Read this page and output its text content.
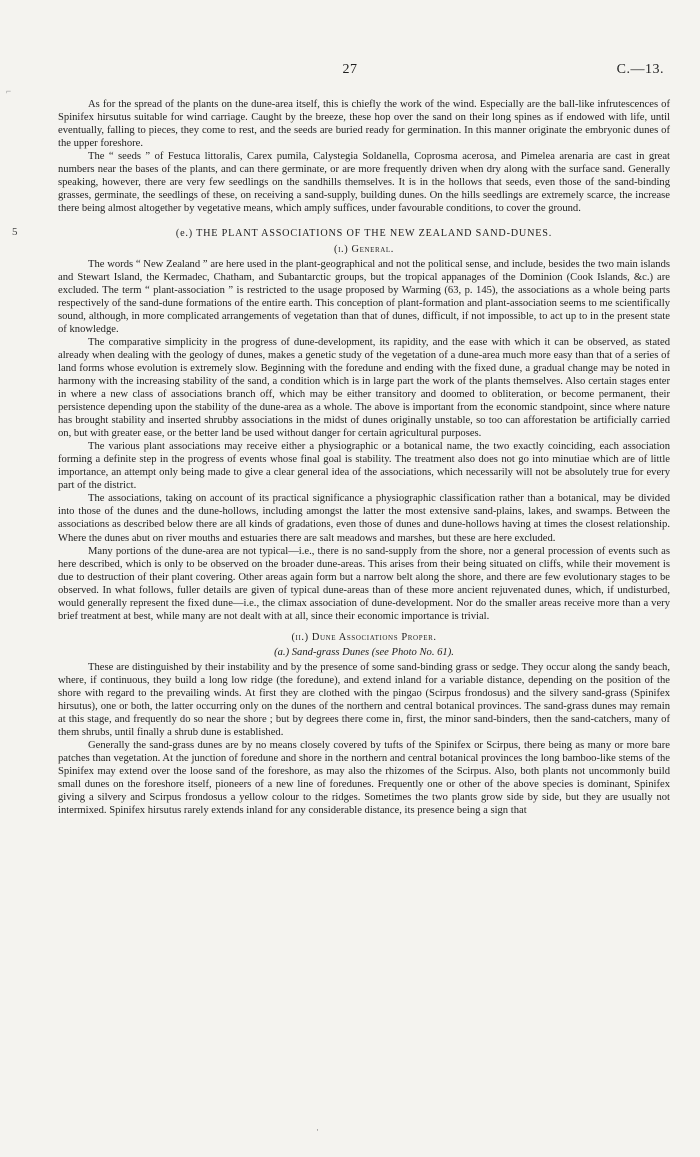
27	C.—13.
⌐
5

As for the spread of the plants on the dune-area itself, this is chiefly the work of the wind. Especially are the ball-like infrutescences of Spinifex hirsutus suitable for wind carriage. Caught by the breeze, these hop over the sand on their long spines as if endowed with life, until eventually, falling to pieces, they come to rest, and the seeds are buried ready for germination. In this manner originate the embryonic dunes of the upper foreshore.

The “ seeds ” of Festuca littoralis, Carex pumila, Calystegia Soldanella, Coprosma acerosa, and Pimelea arenaria are cast in great numbers near the bases of the plants, and can there germinate, or are more frequently driven when dry along with the surface sand. Generally speaking, however, there are very few seedlings on the sandhills themselves. It is in the hollows that seeds, even those of the sand-binding grasses, germinate, the seedlings of these, on receiving a sand-supply, building dunes. On the hills seedlings are extremely scarce, the increase there being almost altogether by vegetative means, which amply suffices, under favourable conditions, to cover the ground.

(e.) THE PLANT ASSOCIATIONS OF THE NEW ZEALAND SAND-DUNES.
(i.) General.

The words “ New Zealand ” are here used in the plant-geographical and not the political sense, and include, besides the two main islands and Stewart Island, the Kermadec, Chatham, and Subantarctic groups, but the tropical appanages of the Dominion (Cook Islands, &c.) are excluded. The term “ plant-association ” is restricted to the usage proposed by Warming (63, p. 145), the associations as a whole being parts respectively of the sand-dune formations of the entire earth. This conception of plant-formation and plant-association seems to me scientifically sound, although, in more complicated arrangements of vegetation than that of dunes, difficult, if not impossible, to act up to in the present state of knowledge.

The comparative simplicity in the progress of dune-development, its rapidity, and the ease with which it can be observed, as stated already when dealing with the geology of dunes, makes a genetic study of the vegetation of a dune-area much more easy than that of a series of land forms whose evolution is extremely slow. Beginning with the foredune and ending with the fixed dune, a gradual change may be noted in harmony with the increasing stability of the sand, a condition which is in large part the work of the plants themselves. Also certain stages enter in where a new class of associations branch off, which may be either transitory and doomed to obliteration, or become permanent, their persistence depending upon the stability of the dune-area as a whole. The above is important from the economic standpoint, since where nature has brought stability and inserted shrubby associations in the midst of dunes originally unstable, so too can afforestation be artificially carried on, but with greater ease, or the better land be used without danger for certain agricultural purposes.

The various plant associations may receive either a physiographic or a botanical name, the two exactly coinciding, each association forming a definite step in the progress of events whose final goal is stability. The treatment also does not go into minutiae which are of little importance, an attempt only being made to give a clear general idea of the associations, which necessarily will not be absolutely true for every part of the district.

The associations, taking on account of its practical significance a physiographic classification rather than a botanical, may be divided into those of the dunes and the dune-hollows, including amongst the latter the most extensive sand-plains, lakes, and swamps. Between the associations as described below there are all kinds of gradations, even those of dunes and dune-hollows having at times the closest relationship. Where the dunes abut on river mouths and estuaries there are salt meadows and marshes, but these are here excluded.

Many portions of the dune-area are not typical—i.e., there is no sand-supply from the shore, nor a general procession of events such as here described, which is only to be observed on the broader dune-areas. This arises from their being situated on cliffs, while their movement is due to destruction of their plant covering. Other areas again form but a narrow belt along the shore, and there are few evolutionary stages to be observed. In what follows, fuller details are given of typical dune-areas than of these more ancient rejuvenated dunes, which, if undisturbed, would generally represent the fixed dune—i.e., the climax association of dune-development. Nor do the smaller areas receive more than a very brief treatment at best, while many are not dealt with at all, since their economic importance is trivial.

(ii.) Dune Associations Proper.
(a.) Sand-grass Dunes (see Photo No. 61).

These are distinguished by their instability and by the presence of some sand-binding grass or sedge. They occur along the sandy beach, where, if continuous, they build a long low ridge (the foredune), and extend inland for a variable distance, depending on the position of the shore with regard to the prevailing winds. At first they are clothed with the pingao (Scirpus frondosus) and the silvery sand-grass (Spinifex hirsutus), one or both, the latter occurring only on the dunes of the northern and central botanical provinces. The sand-grass dunes may remain at this stage, and frequently do so near the shore ; but by degrees there come in, first, the minor sand-binders, then the sand-catchers, many of them shrubs, until finally a shrub dune is established.

Generally the sand-grass dunes are by no means closely covered by tufts of the Spinifex or Scirpus, there being as many or more bare patches than vegetation. At the junction of foredune and shore in the northern and central botanical provinces the long bamboo-like stems of the Spinifex may extend over the loose sand of the foreshore, as may also the rhizomes of the Scirpus. Also, both plants not uncommonly build small dunes on the foreshore itself, pioneers of a new line of foredunes. Frequently one or other of the above species is dominant, Spinifex giving a silvery and Scirpus frondosus a yellow colour to the ridges. Sometimes the two plants grow side by side, but they are usually not intermixed. Spinifex hirsutus rarely extends inland for any considerable distance, its presence being a sign that

·
